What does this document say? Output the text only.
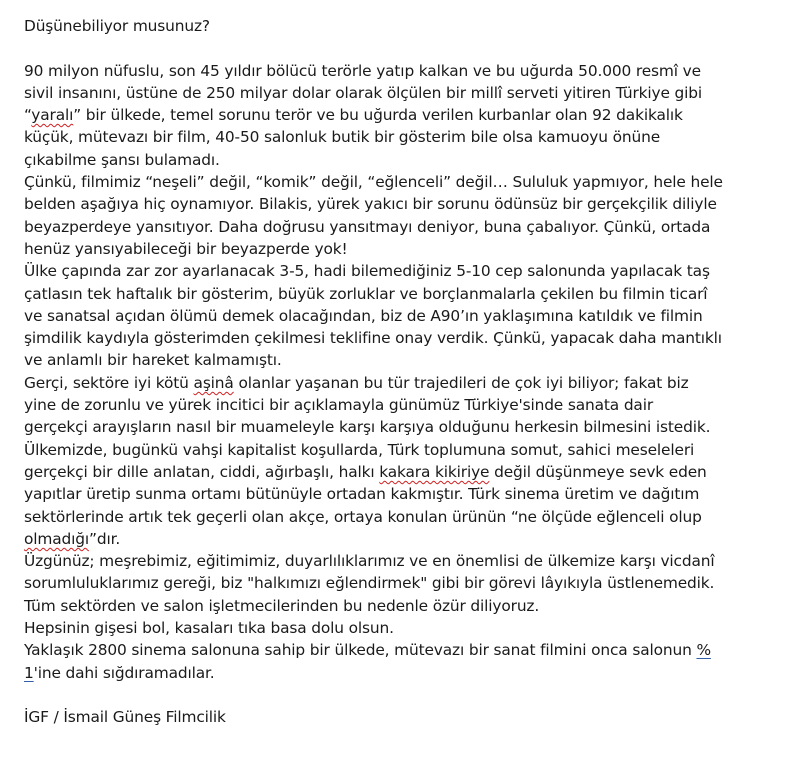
Düşünebiliyor musunuz?
90 milyon nüfuslu, son 45 yıldır bölücü terörle yatıp kalkan ve bu uğurda 50.000 resmî ve
sivil insanını, üstüne de 250 milyar dolar olarak ölçülen bir millî serveti yitiren Türkiye gibi
“yaralı” bir ülkede, temel sorunu terör ve bu uğurda verilen kurbanlar olan 92 dakikalık
küçük, mütevazı bir film, 40-50 salonluk butik bir gösterim bile olsa kamuoyu önüne
çıkabilme şansı bulamadı.
Çünkü, filmimiz “neşeli” değil, “komik” değil, “eğlenceli” değil… Sululuk yapmıyor, hele hele
belden aşağıya hiç oynamıyor. Bilakis, yürek yakıcı bir sorunu ödünsüz bir gerçekçilik diliyle
beyazperdeye yansıtıyor. Daha doğrusu yansıtmayı deniyor, buna çabalıyor. Çünkü, ortada
henüz yansıyabileceği bir beyazperde yok!
Ülke çapında zar zor ayarlanacak 3-5, hadi bilemediğiniz 5-10 cep salonunda yapılacak taş
çatlasın tek haftalık bir gösterim, büyük zorluklar ve borçlanmalarla çekilen bu filmin ticarî
ve sanatsal açıdan ölümü demek olacağından, biz de A90’ın yaklaşımına katıldık ve filmin
şimdilik kaydıyla gösterimden çekilmesi teklifine onay verdik. Çünkü, yapacak daha mantıklı
ve anlamlı bir hareket kalmamıştı.
Gerçi, sektöre iyi kötü aşinâ olanlar yaşanan bu tür trajedileri de çok iyi biliyor; fakat biz
yine de zorunlu ve yürek incitici bir açıklamayla günümüz Türkiye'sinde sanata dair
gerçekçi arayışların nasıl bir muameleyle karşı karşıya olduğunu herkesin bilmesini istedik.
Ülkemizde, bugünkü vahşi kapitalist koşullarda, Türk toplumuna somut, sahici meseleleri
gerçekçi bir dille anlatan, ciddi, ağırbaşlı, halkı kakara kikiriye değil düşünmeye sevk eden
yapıtlar üretip sunma ortamı bütünüyle ortadan kakmıştır. Türk sinema üretim ve dağıtım
sektörlerinde artık tek geçerli olan akçe, ortaya konulan ürünün “ne ölçüde eğlenceli olup
olmadığı”dır.
Üzgünüz; meşrebimiz, eğitimimiz, duyarlılıklarımız ve en önemlisi de ülkemize karşı vicdanî
sorumluluklarımız gereği, biz "halkımızı eğlendirmek" gibi bir görevi lâyıkıyla üstlenemedik.
Tüm sektörden ve salon işletmecilerinden bu nedenle özür diliyoruz.
Hepsinin gişesi bol, kasaları tıka basa dolu olsun.
Yaklaşık 2800 sinema salonuna sahip bir ülkede, mütevazı bir sanat filmini onca salonun %
1'ine dahi sığdıramadılar.
İGF / İsmail Güneş Filmcilik
